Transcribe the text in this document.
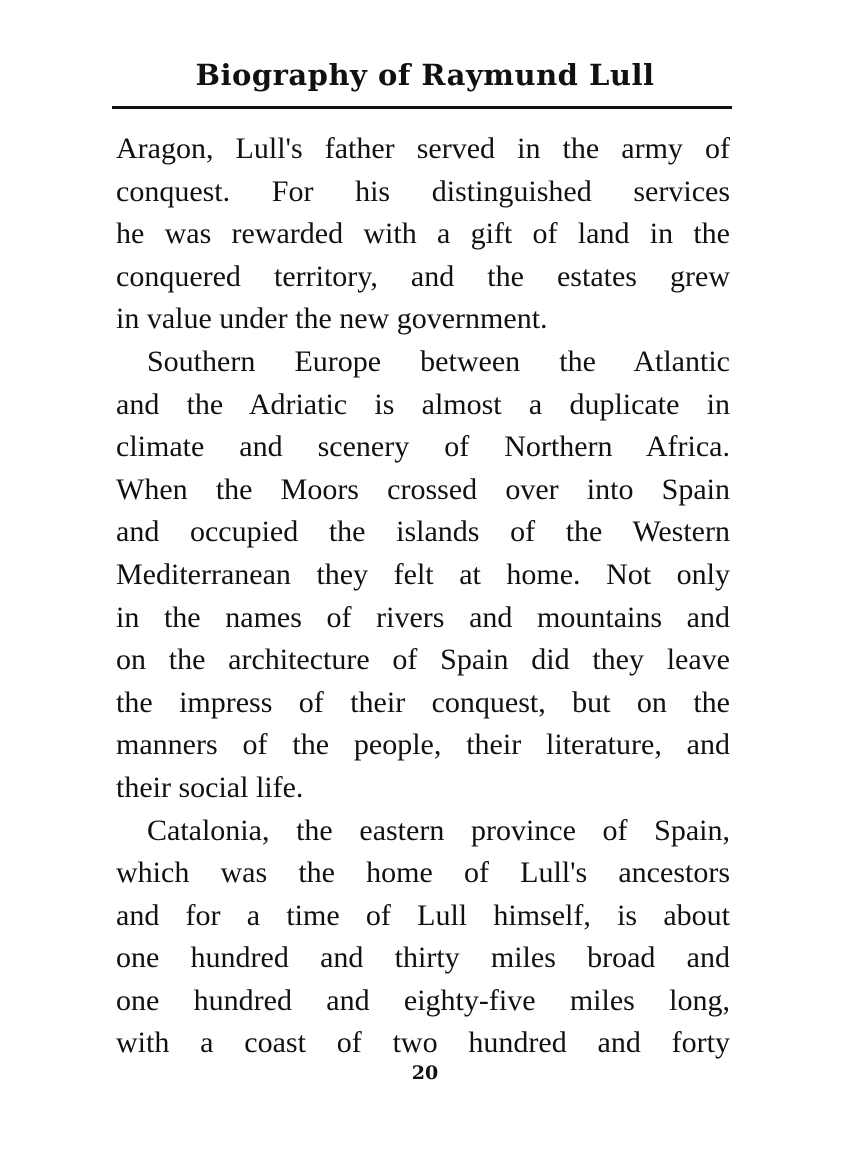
Biography of Raymund Lull
Aragon, Lull's father served in the army of
conquest. For his distinguished services
he was rewarded with a gift of land in the
conquered territory, and the estates grew
in value under the new government.
Southern Europe between the Atlantic
and the Adriatic is almost a duplicate in
climate and scenery of Northern Africa.
When the Moors crossed over into Spain
and occupied the islands of the Western
Mediterranean they felt at home. Not only
in the names of rivers and mountains and
on the architecture of Spain did they leave
the impress of their conquest, but on the
manners of the people, their literature, and
their social life.
Catalonia, the eastern province of Spain,
which was the home of Lull's ancestors
and for a time of Lull himself, is about
one hundred and thirty miles broad and
one hundred and eighty-five miles long,
with a coast of two hundred and forty
20
